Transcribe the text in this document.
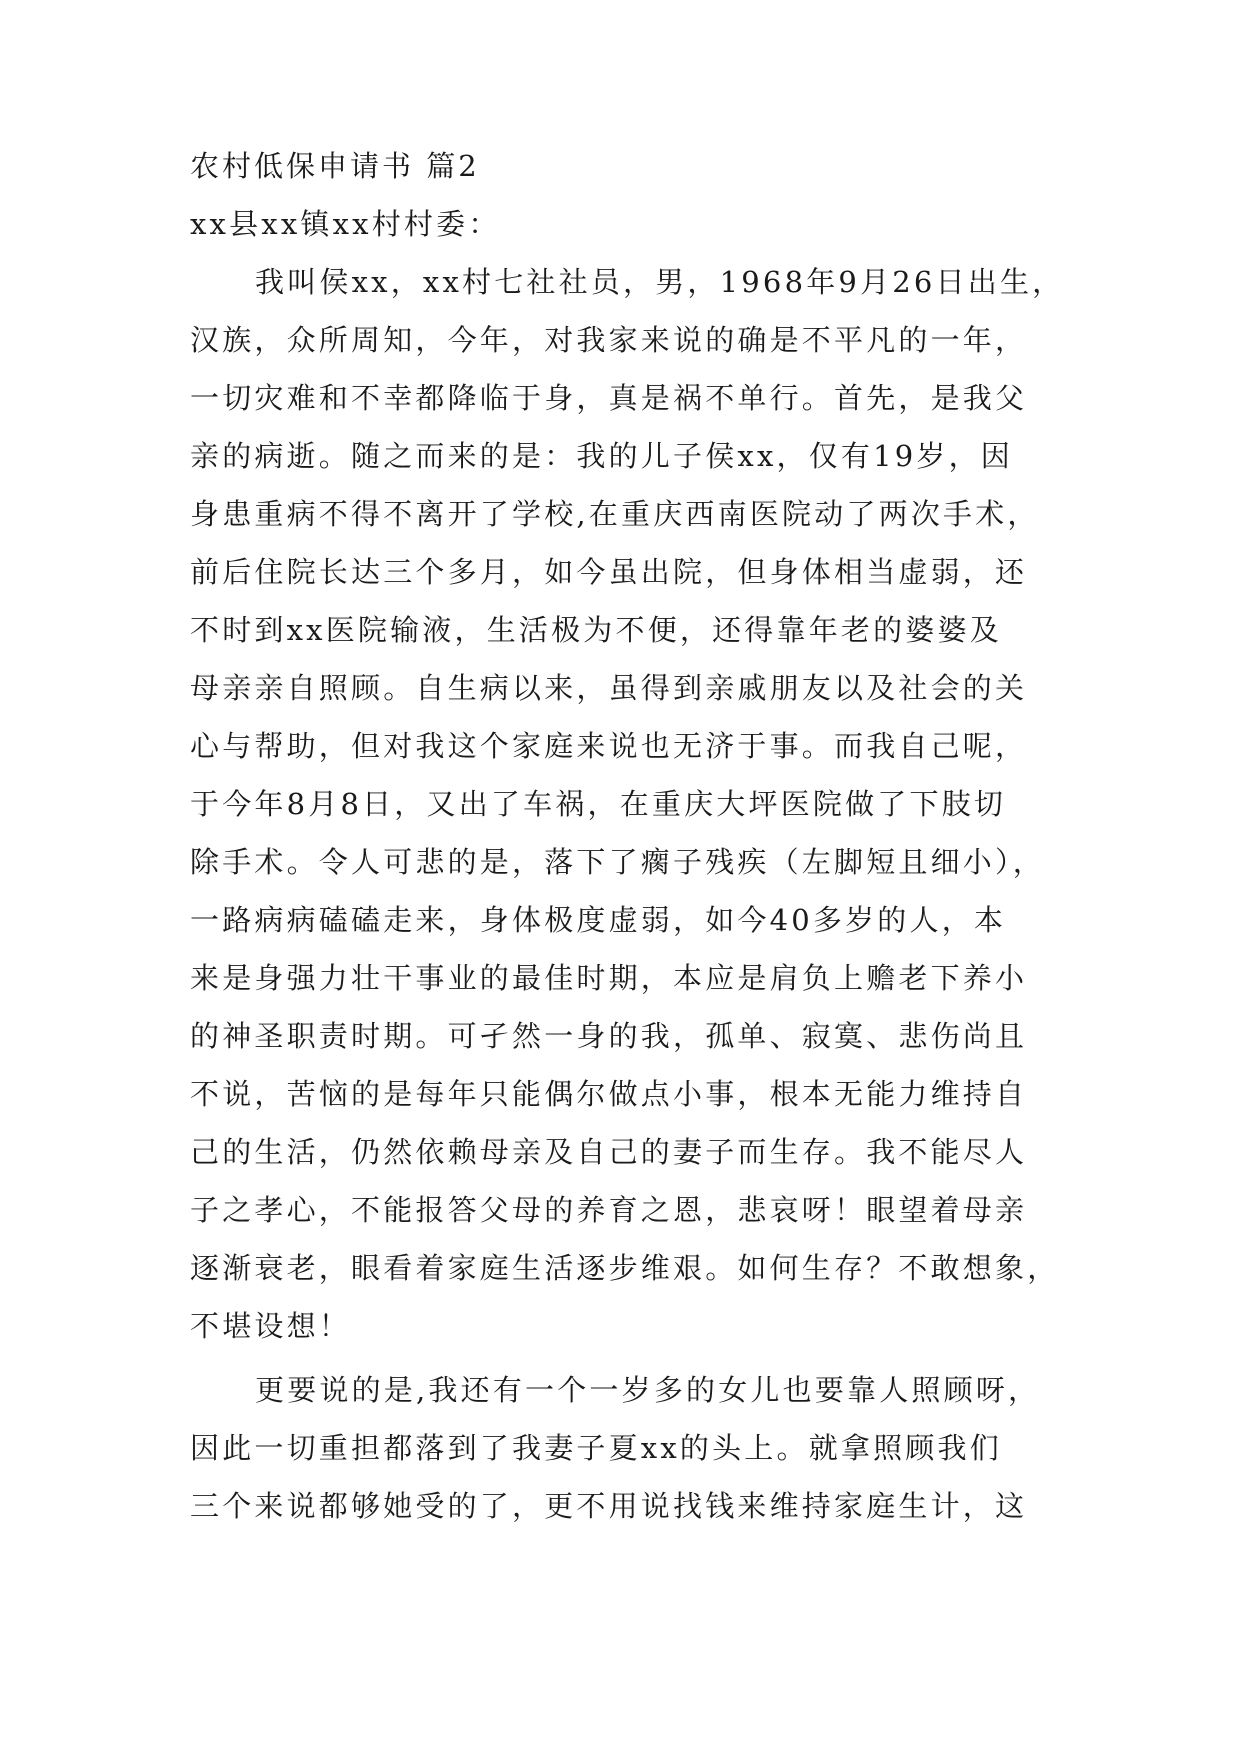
农村低保申请书 篇2
xx县xx镇xx村村委：
我叫侯xx，xx村七社社员，男，1968年9月26日出生，
汉族，众所周知，今年，对我家来说的确是不平凡的一年，
一切灾难和不幸都降临于身，真是祸不单行。首先，是我父
亲的病逝。随之而来的是：我的儿子侯xx，仅有19岁，因
身患重病不得不离开了学校,在重庆西南医院动了两次手术，
前后住院长达三个多月，如今虽出院，但身体相当虚弱，还
不时到xx医院输液，生活极为不便，还得靠年老的婆婆及
母亲亲自照顾。自生病以来，虽得到亲戚朋友以及社会的关
心与帮助，但对我这个家庭来说也无济于事。而我自己呢，
于今年8月8日，又出了车祸，在重庆大坪医院做了下肢切
除手术。令人可悲的是，落下了瘸子残疾（左脚短且细小），
一路病病磕磕走来，身体极度虚弱，如今40多岁的人，本
来是身强力壮干事业的最佳时期，本应是肩负上赡老下养小
的神圣职责时期。可孑然一身的我，孤单、寂寞、悲伤尚且
不说，苦恼的是每年只能偶尔做点小事，根本无能力维持自
己的生活，仍然依赖母亲及自己的妻子而生存。我不能尽人
子之孝心，不能报答父母的养育之恩，悲哀呀！眼望着母亲
逐渐衰老，眼看着家庭生活逐步维艰。如何生存？不敢想象，
不堪设想！
更要说的是,我还有一个一岁多的女儿也要靠人照顾呀，
因此一切重担都落到了我妻子夏xx的头上。就拿照顾我们
三个来说都够她受的了，更不用说找钱来维持家庭生计，这
